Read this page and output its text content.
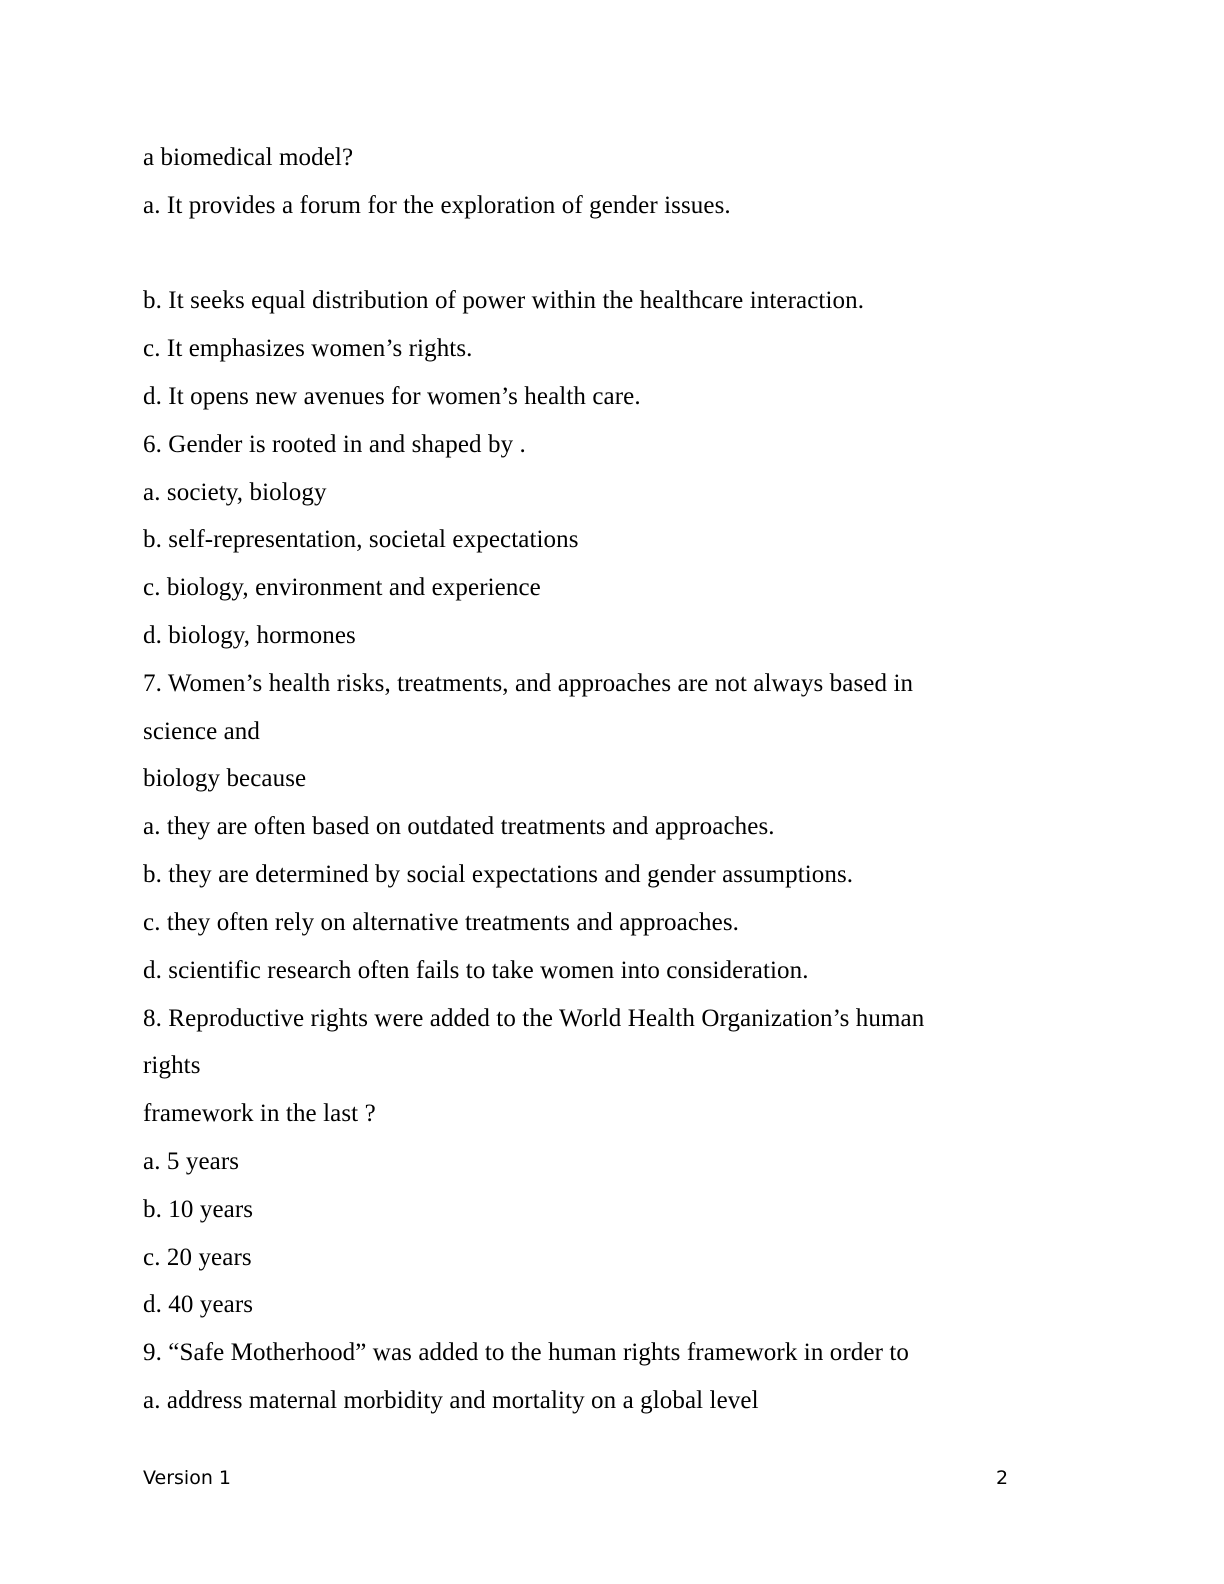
a biomedical model?
a. It provides a forum for the exploration of gender issues.
b. It seeks equal distribution of power within the healthcare interaction.
c. It emphasizes women’s rights.
d. It opens new avenues for women’s health care.
6. Gender is rooted in and shaped by .
a. society, biology
b. self-representation, societal expectations
c. biology, environment and experience
d. biology, hormones
7. Women’s health risks, treatments, and approaches are not always based in
science and
biology because
a. they are often based on outdated treatments and approaches.
b. they are determined by social expectations and gender assumptions.
c. they often rely on alternative treatments and approaches.
d. scientific research often fails to take women into consideration.
8. Reproductive rights were added to the World Health Organization’s human
rights
framework in the last ?
a. 5 years
b. 10 years
c. 20 years
d. 40 years
9. “Safe Motherhood” was added to the human rights framework in order to
a. address maternal morbidity and mortality on a global level
Version 1	2
